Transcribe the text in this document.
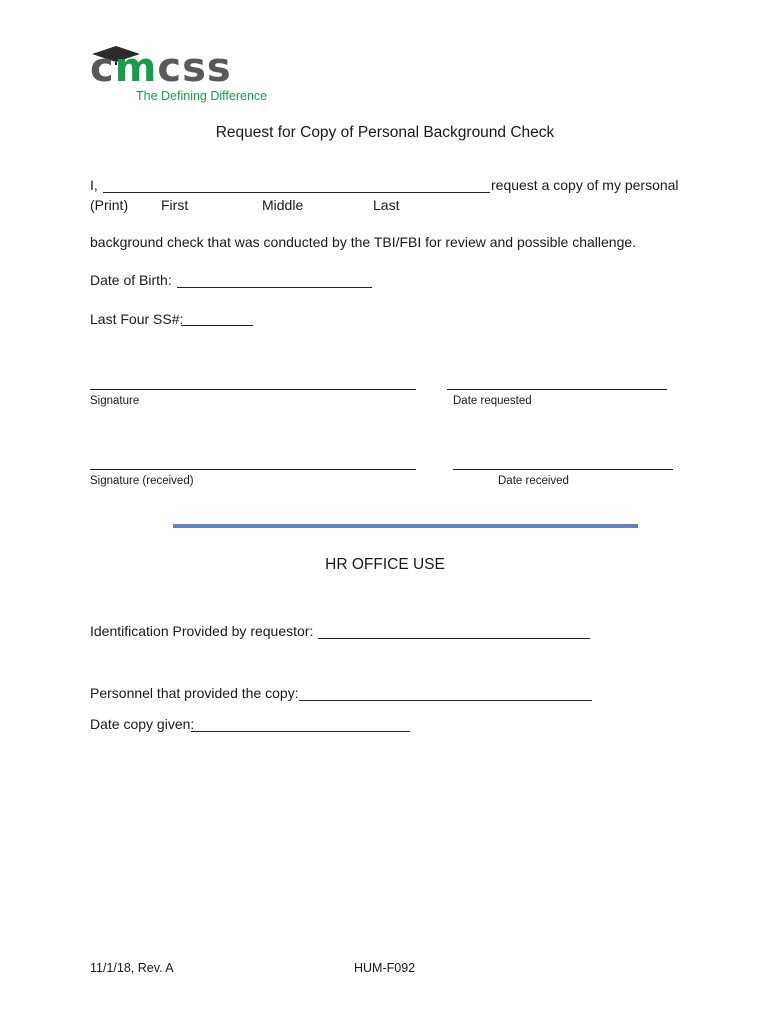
cmcss
The Defining Difference
Request for Copy of Personal Background Check
I,	request a copy of my personal
(Print) First	Middle	Last
background check that was conducted by the TBI/FBI for review and possible challenge.
Date of Birth:
Last Four SS#:
Signature	Date requested
Signature (received)	Date received
HR OFFICE USE
Identification Provided by requestor:
Personnel that provided the copy:
Date copy given:
11/1/18, Rev. A	HUM-F092
